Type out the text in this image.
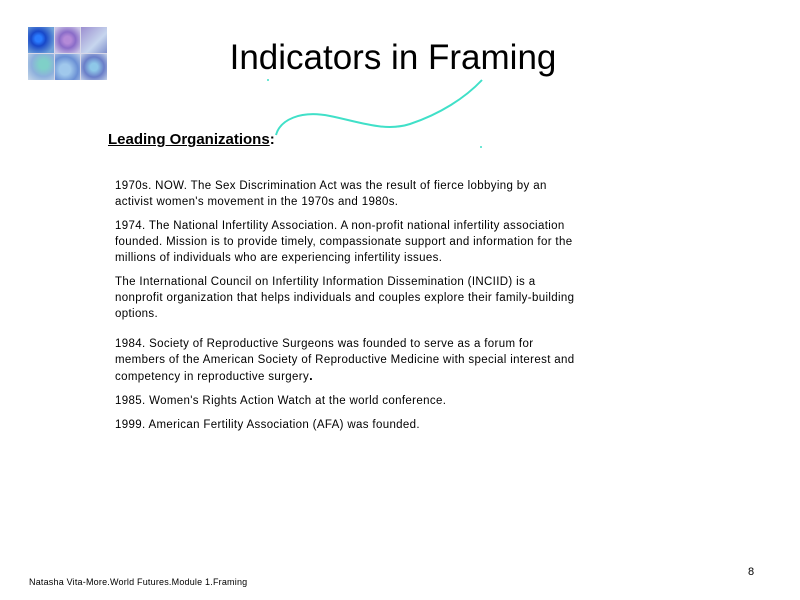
Indicators in Framing
Leading Organizations:

1970s. NOW. The Sex Discrimination Act was the result of fierce lobbying by an activist women's movement in the 1970s and 1980s.

1974. The National Infertility Association. A non-profit national infertility association founded. Mission is to provide timely, compassionate support and information for the millions of individuals who are experiencing infertility issues.

The International Council on Infertility Information Dissemination (INCIID) is a nonprofit organization that helps individuals and couples explore their family-building options.

1984. Society of Reproductive Surgeons was founded to serve as a forum for members of the American Society of Reproductive Medicine with special interest and competency in reproductive surgery.

1985. Women's Rights Action Watch at the world conference.

1999. American Fertility Association (AFA) was founded.

8
Natasha Vita-More.World Futures.Module 1.Framing
